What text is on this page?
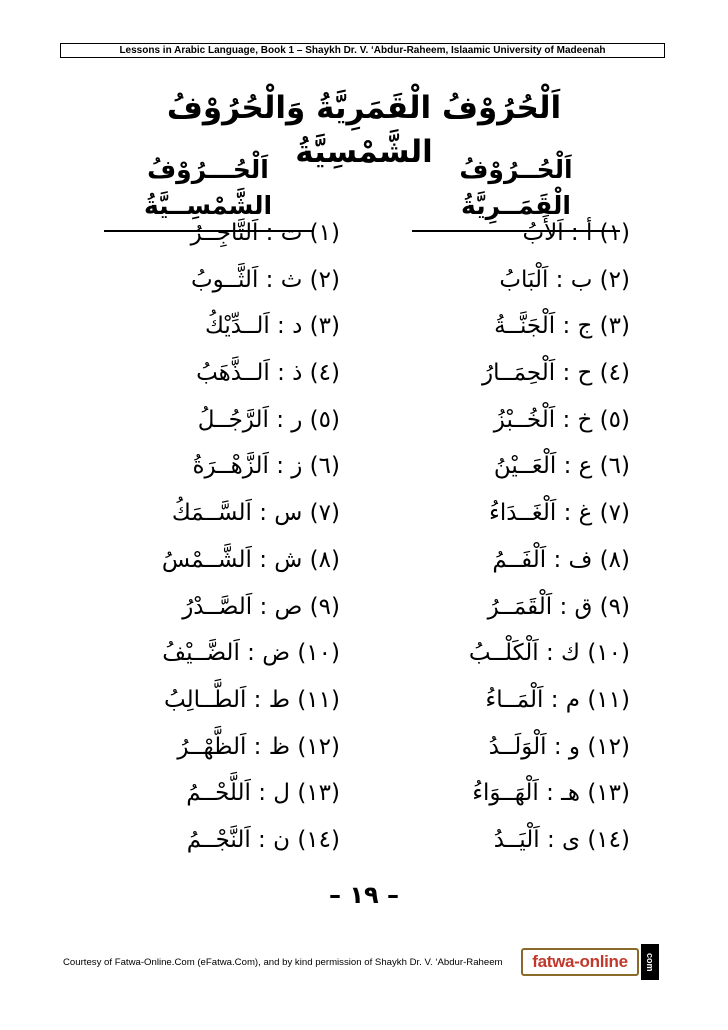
Lessons in Arabic Language, Book 1 – Shaykh Dr. V. ‘Abdur-Raheem, Islaamic University of Madeenah
اَلْحُرُوْفُ الْقَمَرِيَّةُ وَالْحُرُوْفُ الشَّمْسِيَّةُ	اَلْحُــرُوْفُ الْقَمَــرِيَّةُ
اَلْحُـــرُوْفُ الشَّمْسِــيَّةُ
(١) أ : اَلأَبُ
(٢) ب : اَلْبَابُ
(٣) ج : اَلْجَنَّــةُ
(٤) ح : اَلْحِمَــارُ
(٥) خ : اَلْخُــبْزُ
(٦) ع : اَلْعَــيْنُ
(٧) غ : اَلْغَــدَاءُ
(٨) ف : اَلْفَــمُ
(٩) ق : اَلْقَمَــرُ
(١٠) ك : اَلْكَلْــبُ
(١١) م : اَلْمَــاءُ
(١٢) و : اَلْوَلَــدُ
(١٣) هـ : اَلْهَــوَاءُ
(١٤) ى : اَلْيَــدُ
(١) ت : اَلتَّاجِــرُ
(٢) ث : اَلثَّــوبُ
(٣) د : اَلــدِّيْكُ
(٤) ذ : اَلــذَّهَبُ
(٥) ر : اَلرَّجُــلُ
(٦) ز : اَلزَّهْــرَةُ
(٧) س : اَلسَّــمَكُ
(٨) ش : اَلشَّــمْسُ
(٩) ص : اَلصَّــدْرُ
(١٠) ض : اَلضَّــيْفُ
(١١) ط : اَلطَّــالِبُ
(١٢) ظ : اَلظَّهْــرُ
(١٣) ل : اَللَّحْــمُ
(١٤) ن : اَلنَّجْــمُ
– ١٩ –
Courtesy of Fatwa-Online.Com (eFatwa.Com), and by kind permission of Shaykh Dr. V. ‘Abdur-Raheem	fatwa-online	com
